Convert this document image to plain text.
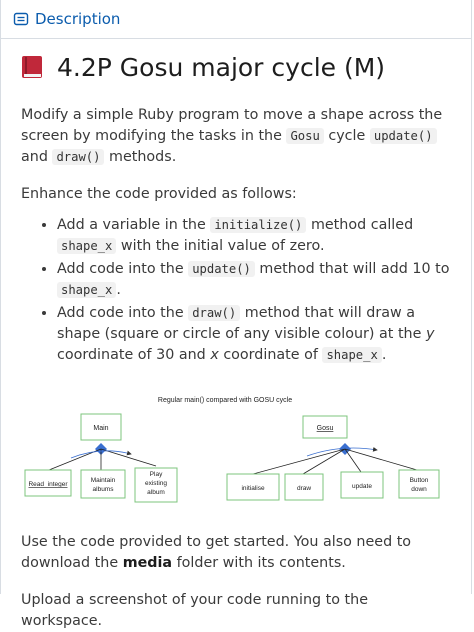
Description
4.2P Gosu major cycle (M)

Modify a simple Ruby program to move a shape across the screen by modifying the tasks in the Gosu cycle update() and draw() methods.

Enhance the code provided as follows:

• Add a variable in the initialize() method called shape_x with the initial value of zero.
• Add code into the update() method that will add 10 to shape_x .
• Add code into the draw() method that will draw a shape (square or circle of any visible colour) at the y coordinate of 30 and x coordinate of shape_x .
Regular main() compared with GOSU cycle
Main
Read_integer
Maintain
albums
Play
existing
album
Gosu
initialise	draw	update
Button
down

Use the code provided to get started. You also need to download the media folder with its contents.

Upload a screenshot of your code running to the workspace.
